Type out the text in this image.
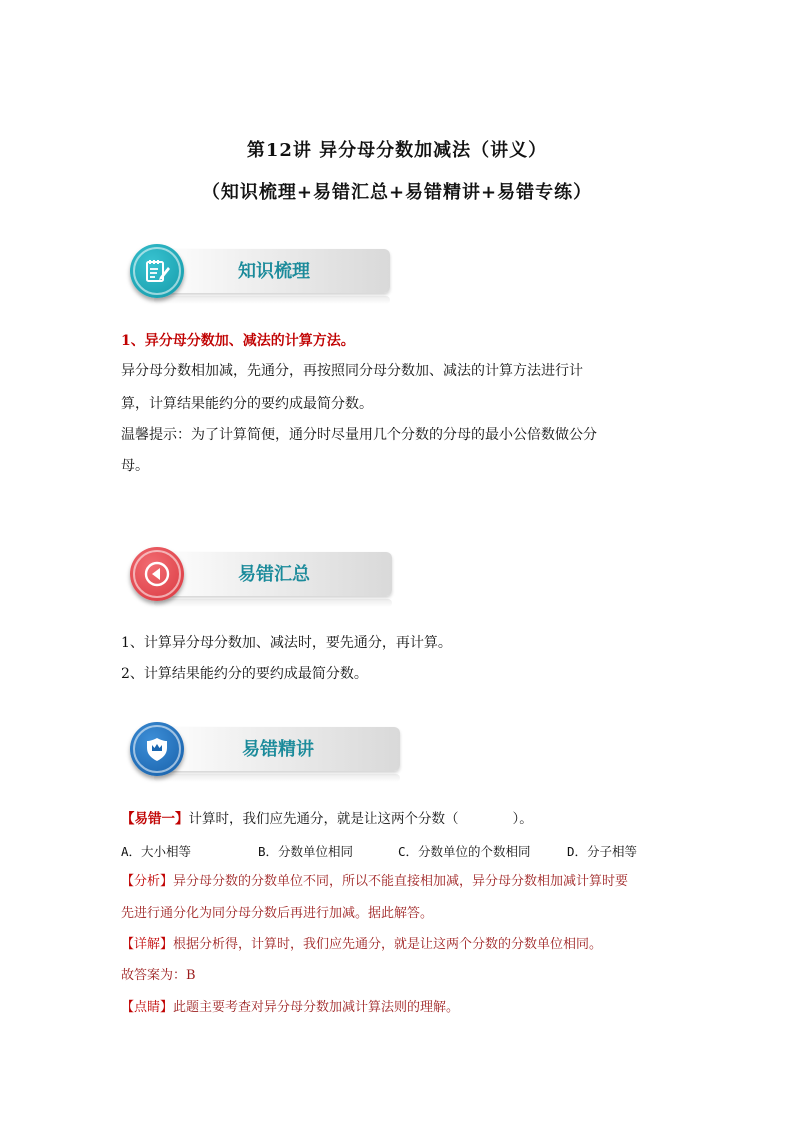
第12讲 异分母分数加减法（讲义）
（知识梳理+易错汇总+易错精讲+易错专练）
知识梳理
1、异分母分数加、减法的计算方法。
异分母分数相加减，先通分，再按照同分母分数加、减法的计算方法进行计
算，计算结果能约分的要约成最简分数。
温馨提示：为了计算简便，通分时尽量用几个分数的分母的最小公倍数做公分
母。
易错汇总
1、计算异分母分数加、减法时，要先通分，再计算。
2、计算结果能约分的要约成最简分数。
易错精讲
【易错一】计算时，我们应先通分，就是让这两个分数（　　　　）。
A．大小相等	B．分数单位相同	C．分数单位的个数相同	D．分子相等
【分析】异分母分数的分数单位不同，所以不能直接相加减，异分母分数相加减计算时要
先进行通分化为同分母分数后再进行加减。据此解答。
【详解】根据分析得，计算时，我们应先通分，就是让这两个分数的分数单位相同。
故答案为：B
【点睛】此题主要考查对异分母分数加减计算法则的理解。
